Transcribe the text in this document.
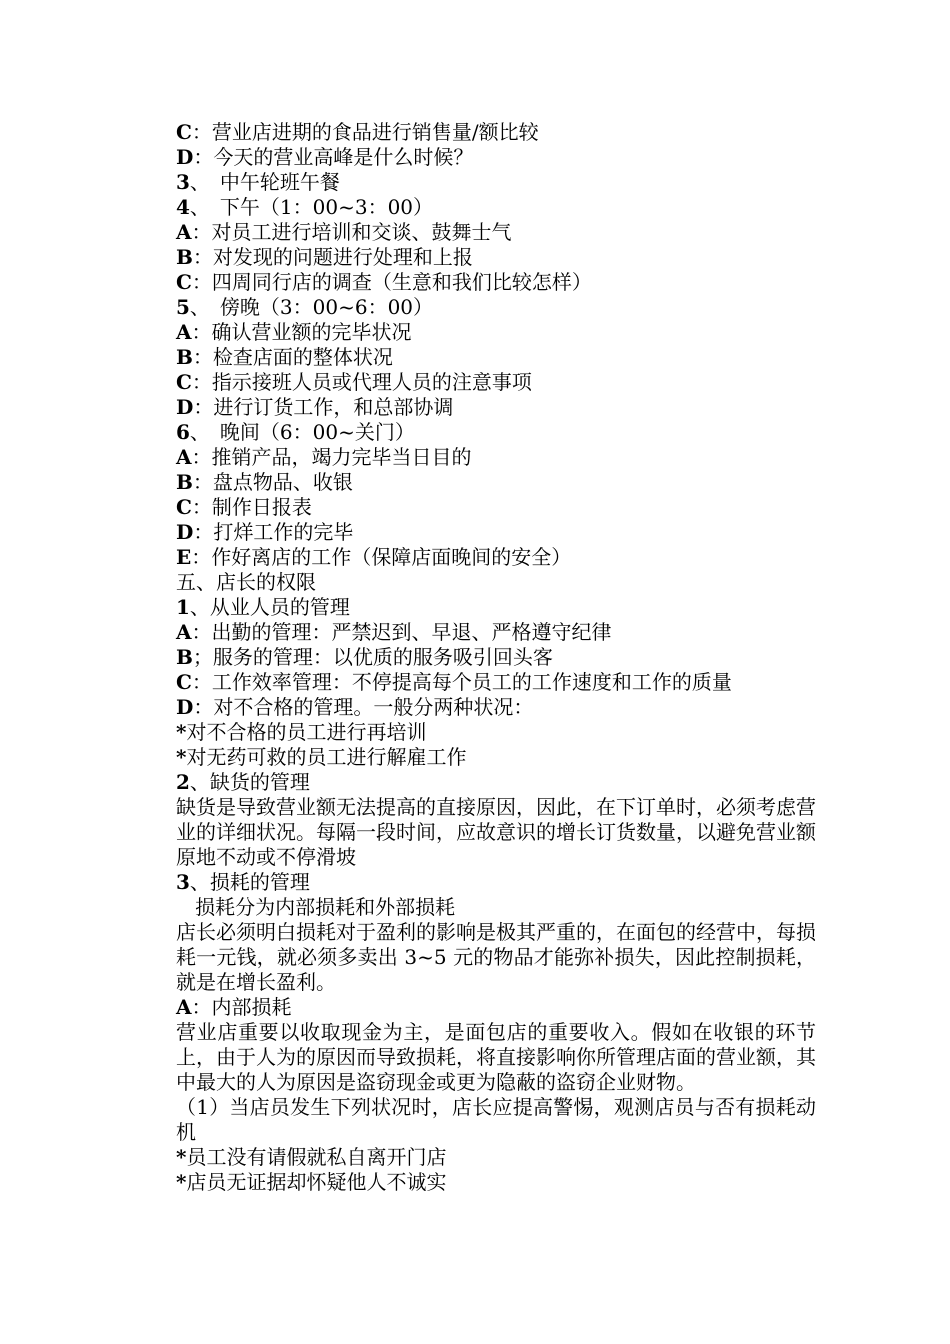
C：营业店进期的食品进行销售量/额比较
D：今天的营业高峰是什么时候？
3、　中午轮班午餐
4、　下午（1：00~3：00）
A：对员工进行培训和交谈、鼓舞士气
B：对发现的问题进行处理和上报
C：四周同行店的调查（生意和我们比较怎样）
5、　傍晚（3：00~6：00）
A：确认营业额的完毕状况
B：检查店面的整体状况
C：指示接班人员或代理人员的注意事项
D：进行订货工作，和总部协调
6、　晚间（6：00~关门）
A：推销产品，竭力完毕当日目的
B：盘点物品、收银
C：制作日报表
D：打烊工作的完毕
E：作好离店的工作（保障店面晚间的安全）
五、店长的权限
1、从业人员的管理
A：出勤的管理：严禁迟到、早退、严格遵守纪律
B；服务的管理：以优质的服务吸引回头客
C：工作效率管理：不停提高每个员工的工作速度和工作的质量
D：对不合格的管理。一般分两种状况：
*对不合格的员工进行再培训
*对无药可救的员工进行解雇工作
2、缺货的管理
缺货是导致营业额无法提高的直接原因，因此，在下订单时，必须考虑营业的详细状况。每隔一段时间，应故意识的增长订货数量，以避免营业额原地不动或不停滑坡
3、损耗的管理
损耗分为内部损耗和外部损耗
店长必须明白损耗对于盈利的影响是极其严重的，在面包的经营中，每损耗一元钱，就必须多卖出 3~5 元的物品才能弥补损失，因此控制损耗，就是在增长盈利。
A：内部损耗
营业店重要以收取现金为主，是面包店的重要收入。假如在收银的环节上，由于人为的原因而导致损耗，将直接影响你所管理店面的营业额，其中最大的人为原因是盗窃现金或更为隐蔽的盗窃企业财物。
（1）当店员发生下列状况时，店长应提高警惕，观测店员与否有损耗动机
*员工没有请假就私自离开门店
*店员无证据却怀疑他人不诚实
